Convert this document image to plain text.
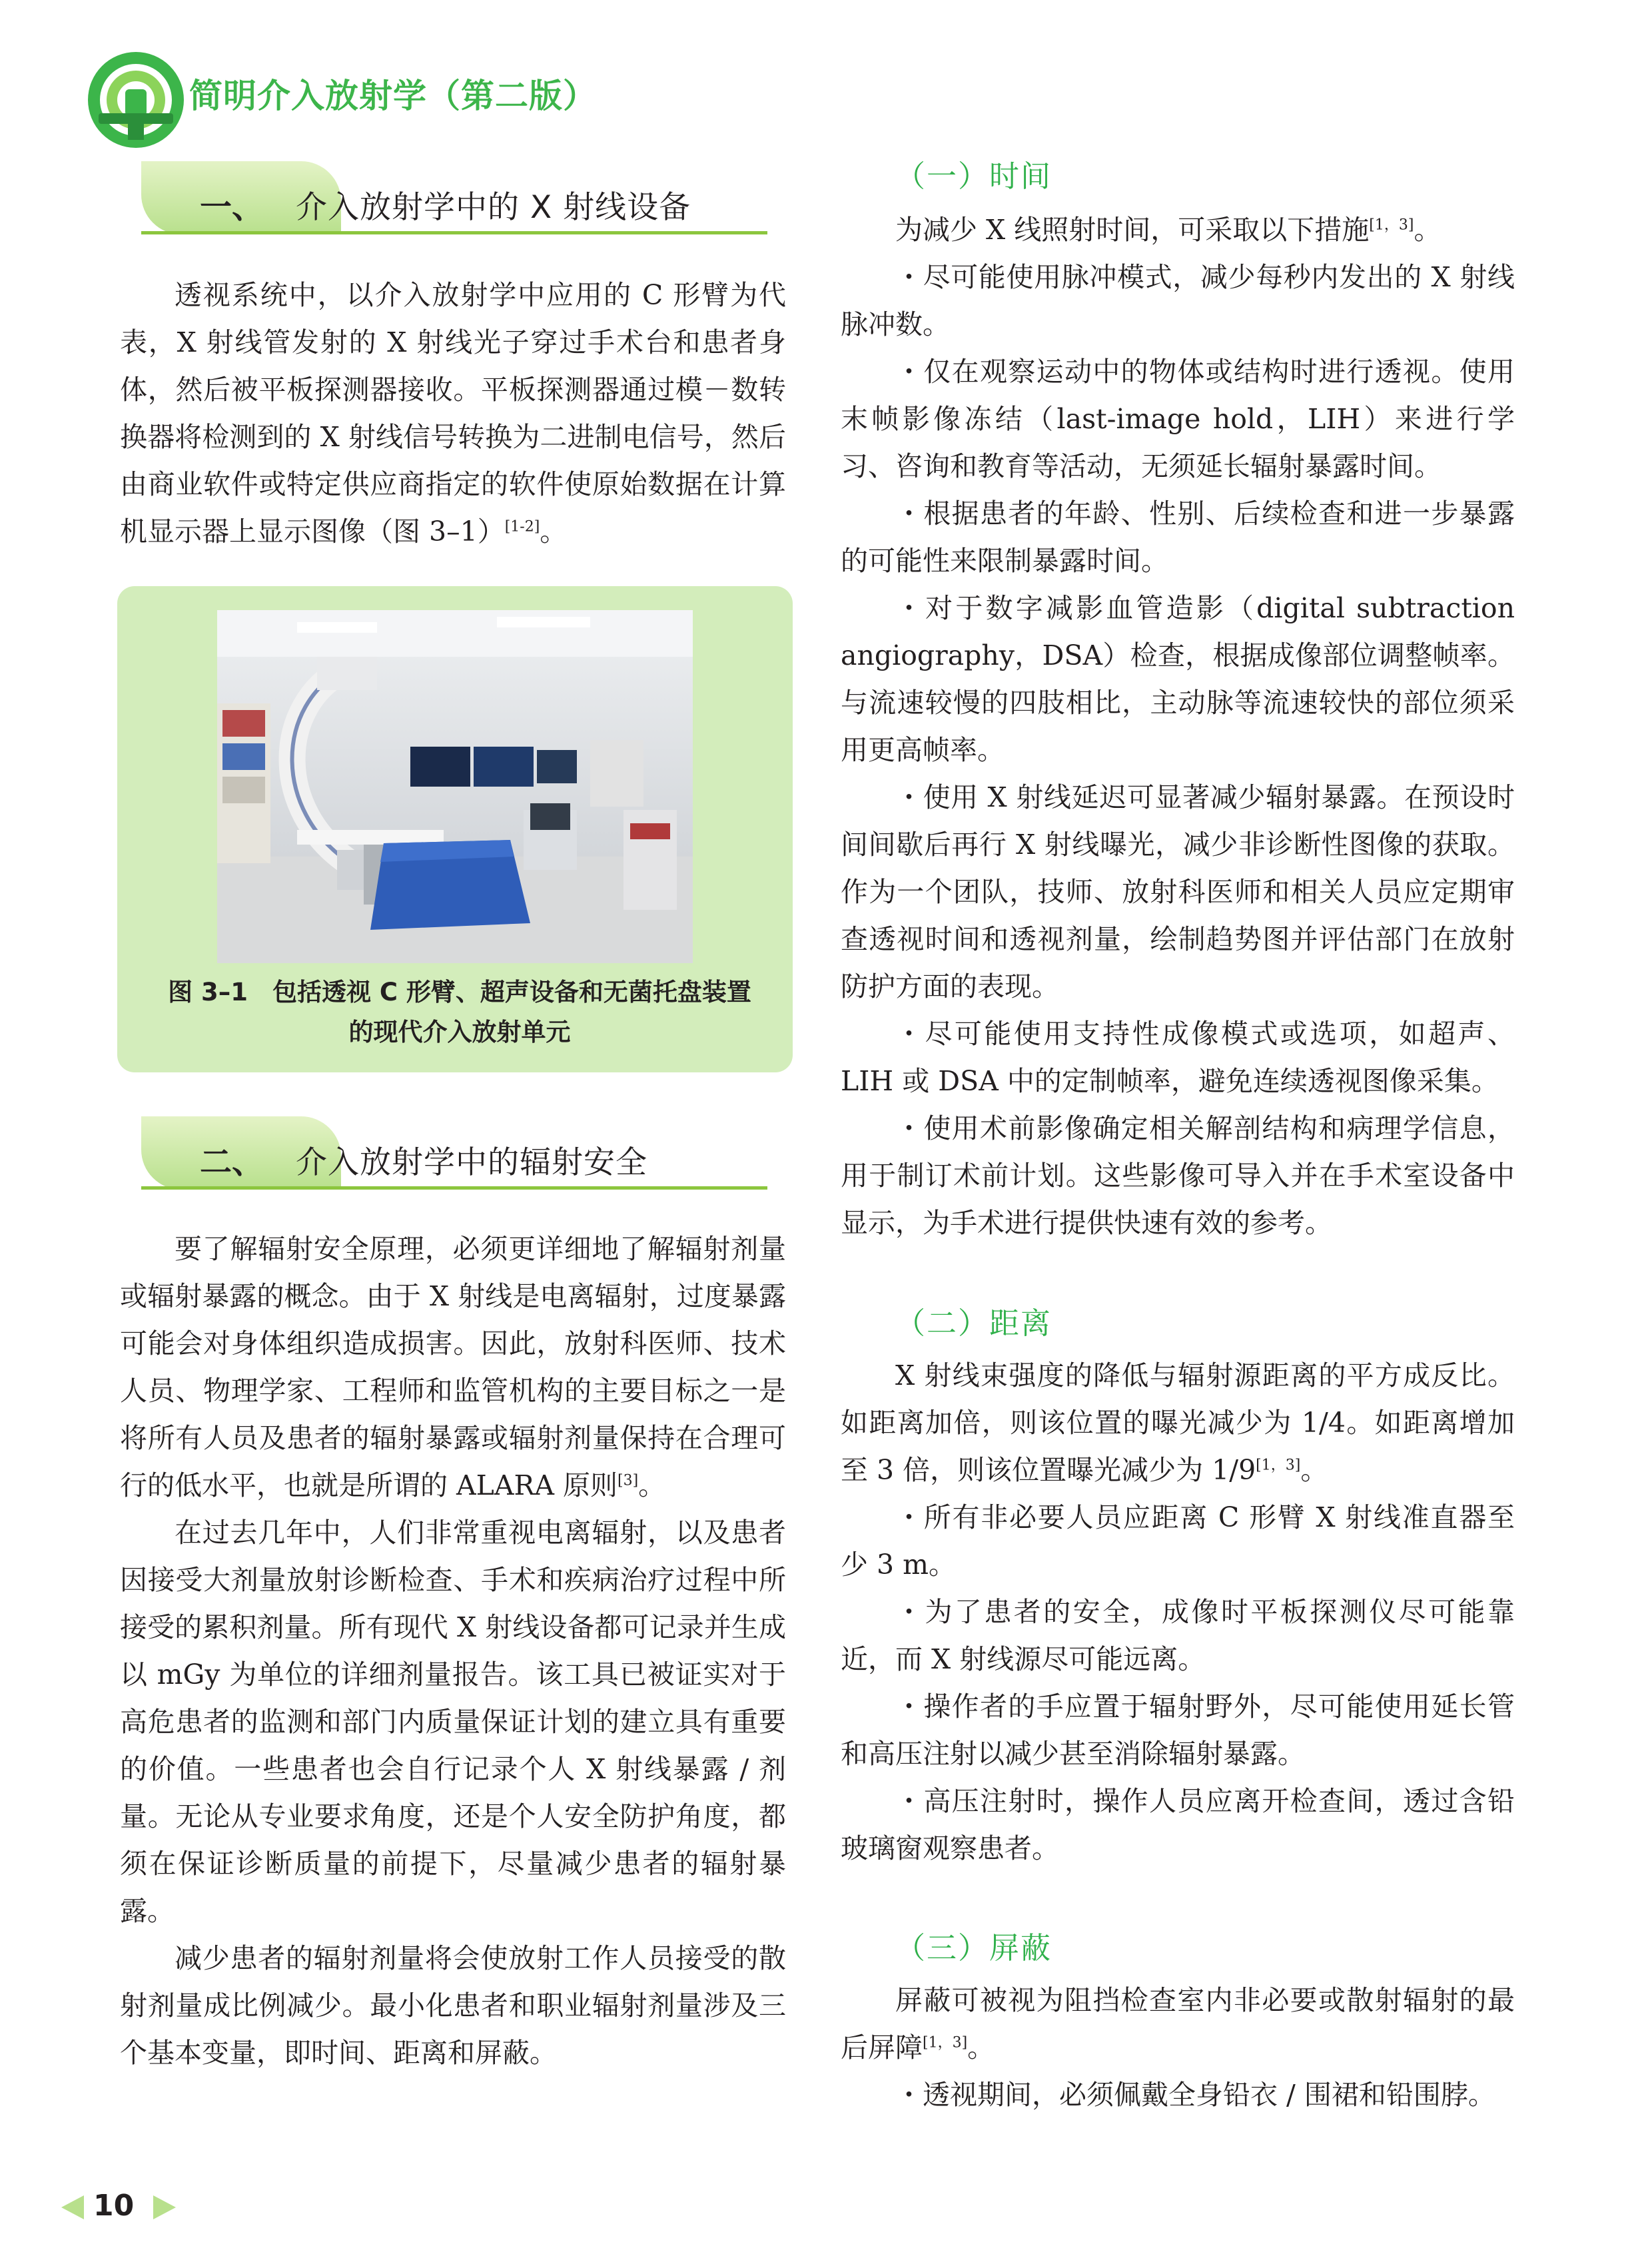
简明介入放射学（第二版）
一、 介入放射学中的 X 射线设备

透视系统中，以介入放射学中应用的 C 形臂为代表，X 射线管发射的 X 射线光子穿过手术台和患者身体，然后被平板探测器接收。平板探测器通过模－数转换器将检测到的 X 射线信号转换为二进制电信号，然后由商业软件或特定供应商指定的软件使原始数据在计算机显示器上显示图像（图 3–1）[1-2]。

图 3–1　包括透视 C 形臂、超声设备和无菌托盘装置
的现代介入放射单元
二、 介入放射学中的辐射安全

要了解辐射安全原理，必须更详细地了解辐射剂量或辐射暴露的概念。由于 X 射线是电离辐射，过度暴露可能会对身体组织造成损害。因此，放射科医师、技术人员、物理学家、工程师和监管机构的主要目标之一是将所有人员及患者的辐射暴露或辐射剂量保持在合理可行的低水平，也就是所谓的 ALARA 原则[3]。

在过去几年中，人们非常重视电离辐射，以及患者因接受大剂量放射诊断检查、手术和疾病治疗过程中所接受的累积剂量。所有现代 X 射线设备都可记录并生成以 mGy 为单位的详细剂量报告。该工具已被证实对于高危患者的监测和部门内质量保证计划的建立具有重要的价值。一些患者也会自行记录个人 X 射线暴露 / 剂量。无论从专业要求角度，还是个人安全防护角度，都须在保证诊断质量的前提下，尽量减少患者的辐射暴露。

减少患者的辐射剂量将会使放射工作人员接受的散射剂量成比例减少。最小化患者和职业辐射剂量涉及三个基本变量，即时间、距离和屏蔽。

（一）时间

为减少 X 线照射时间，可采取以下措施[1，3]。

・尽可能使用脉冲模式，减少每秒内发出的 X 射线脉冲数。

・仅在观察运动中的物体或结构时进行透视。使用末帧影像冻结（last-image hold，LIH）来进行学习、咨询和教育等活动，无须延长辐射暴露时间。

・根据患者的年龄、性别、后续检查和进一步暴露的可能性来限制暴露时间。

・对于数字减影血管造影（digital subtraction angiography，DSA）检查，根据成像部位调整帧率。与流速较慢的四肢相比，主动脉等流速较快的部位须采用更高帧率。

・使用 X 射线延迟可显著减少辐射暴露。在预设时间间歇后再行 X 射线曝光，减少非诊断性图像的获取。作为一个团队，技师、放射科医师和相关人员应定期审查透视时间和透视剂量，绘制趋势图并评估部门在放射防护方面的表现。

・尽可能使用支持性成像模式或选项，如超声、LIH 或 DSA 中的定制帧率，避免连续透视图像采集。

・使用术前影像确定相关解剖结构和病理学信息，用于制订术前计划。这些影像可导入并在手术室设备中显示，为手术进行提供快速有效的参考。

（二）距离

X 射线束强度的降低与辐射源距离的平方成反比。如距离加倍，则该位置的曝光减少为 1/4。如距离增加至 3 倍，则该位置曝光减少为 1/9[1，3]。

・所有非必要人员应距离 C 形臂 X 射线准直器至少 3 m。

・为了患者的安全，成像时平板探测仪尽可能靠近，而 X 射线源尽可能远离。

・操作者的手应置于辐射野外，尽可能使用延长管和高压注射以减少甚至消除辐射暴露。

・高压注射时，操作人员应离开检查间，透过含铅玻璃窗观察患者。

（三）屏蔽

屏蔽可被视为阻挡检查室内非必要或散射辐射的最后屏障[1，3]。

・透视期间，必须佩戴全身铅衣 / 围裙和铅围脖。

10
